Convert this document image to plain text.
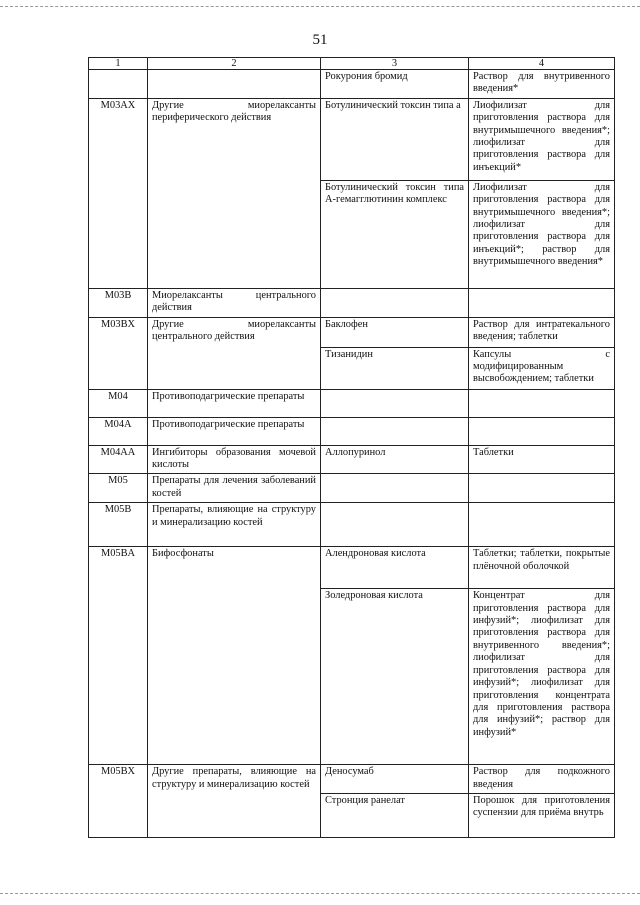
51
1	2	3	4
		Рокурония бромид	Раствор для внутривенного введения*
M03AX	Другие миорелаксанты периферического действия	Ботулинический токсин типа а	Лиофилизат для приготовления раствора для внутримышечного введения*; лиофилизат для приготовления раствора для инъекций*
		Ботулинический токсин типа А-гемагглютинин комплекс	Лиофилизат для приготовления раствора для внутримышечного введения*; лиофилизат для приготовления раствора для инъекций*; раствор для внутримышечного введения*
M03B	Миорелаксанты центрального действия		
M03BX	Другие миорелаксанты центрального действия	Баклофен	Раствор для интратекального введения; таблетки
		Тизанидин	Капсулы с модифицированным высвобождением; таблетки
M04	Противоподагрические препараты		
M04A	Противоподагрические препараты		
M04AA	Ингибиторы образования мочевой кислоты	Аллопуринол	Таблетки
M05	Препараты для лечения заболеваний костей		
M05B	Препараты, влияющие на структуру и минерализацию костей		
M05BA	Бифосфонаты	Алендроновая кислота	Таблетки; таблетки, покрытые плёночной оболочкой
		Золедроновая кислота	Концентрат для приготовления раствора для инфузий*; лиофилизат для приготовления раствора для внутривенного введения*; лиофилизат для приготовления раствора для инфузий*; лиофилизат для приготовления концентрата для приготовления раствора для инфузий*; раствор для инфузий*
M05BX	Другие препараты, влияющие на структуру и минерализацию костей	Деносумаб	Раствор для подкожного введения
		Стронция ранелат	Порошок для приготовления суспензии для приёма внутрь
